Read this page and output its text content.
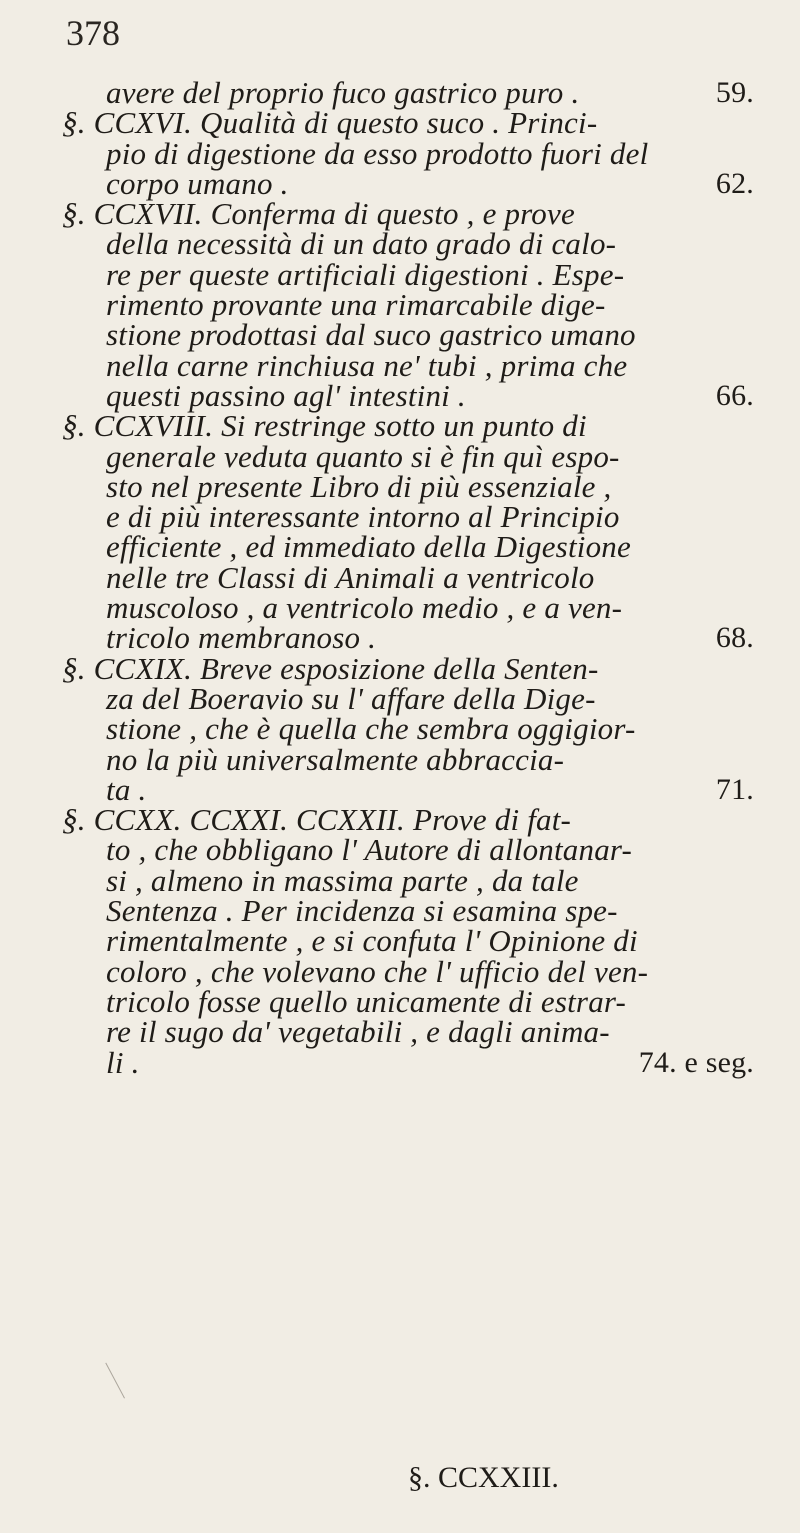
378
avere del proprio fuco gastrico puro .	59.
§. CCXVI. Qualità di questo suco . Princi-
pio di digestione da esso prodotto fuori del
corpo umano .	62.
§. CCXVII. Conferma di questo , e prove
della necessità di un dato grado di calo-
re per queste artificiali digestioni . Espe-
rimento provante una rimarcabile dige-
stione prodottasi dal suco gastrico umano
nella carne rinchiusa ne' tubi , prima che
questi passino agl' intestini .	66.
§. CCXVIII. Si restringe sotto un punto di
generale veduta quanto si è fin quì espo-
sto nel presente Libro di più essenziale ,
e di più interessante intorno al Principio
efficiente , ed immediato della Digestione
nelle tre Classi di Animali a ventricolo
muscoloso , a ventricolo medio , e a ven-
tricolo membranoso .	68.
§. CCXIX. Breve esposizione della Senten-
za del Boeravio su l' affare della Dige-
stione , che è quella che sembra oggigior-
no la più universalmente abbraccia-
ta .	71.
§. CCXX. CCXXI. CCXXII. Prove di fat-
to , che obbligano l' Autore di allontanar-
si , almeno in massima parte , da tale
Sentenza . Per incidenza si esamina spe-
rimentalmente , e si confuta l' Opinione di
coloro , che volevano che l' ufficio del ven-
tricolo fosse quello unicamente di estrar-
re il sugo da' vegetabili , e dagli anima-
li .	74. e seg.
§. CCXXIII.
